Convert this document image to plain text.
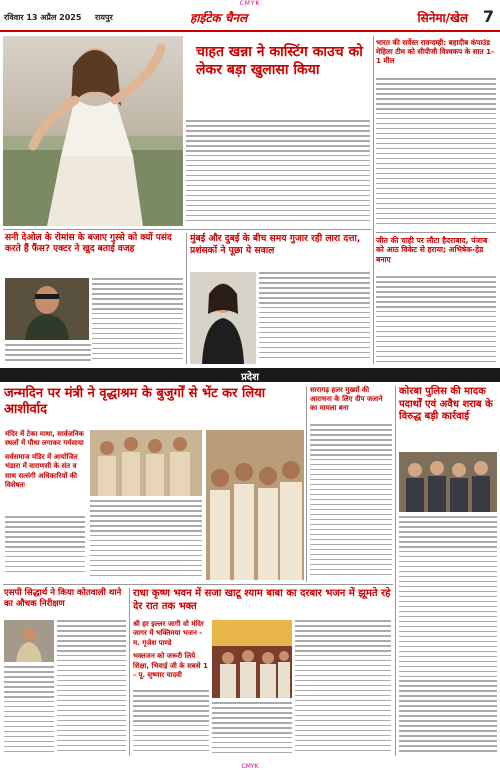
CMYK
रविवार 13 अप्रैल 2025 रायपुर	हाईटेक चैनल	सिनेमा/खेल 7
चाहत खन्ना ने कास्टिंग काउच को लेकर बड़ा खुलासा किया
भारत की सर्वेस्त रावन्दम्ही: बहादीब कंपाउंड मेहिला टीम को सीपीजी विश्वकप के सात 1-1 मील
जीत की चाही पर लौटा हैदराबाद, पंजाब को आठ विकेट से हराया; अभिषेक-हेड बनाए
सनी देओल के रोमांस के बजाए गुस्से को क्यों पसंद करते हैं फैंस? एक्टर ने खुद बताई वजह
मुंबई और दुबई के बीच समय गुजार रही लारा दत्ता, प्रशंसकों ने पूछा ये सवाल
प्रदेश
जन्मदिन पर मंत्री ने वृद्धाश्रम के बुजुर्गों से भेंट कर लिया आशीर्वाद
मंदिर में टेका माथा, सार्वजनिक स्थलों में पौधा लगाकर गर्मसाया
सर्वसमाज मंडिर में आयोजित भंडारा में वाराणसी के संत व साथ सत्संगी अधिकारियों की विशेषतः
सारागढ़ हलर मुख्यों की आराधना के लिए दीप जलाने का मामला बना
कोरबा पुलिस की मादक पदार्थों एवं अवैध शराब के विरुद्ध बड़ी कार्रवाई
एसपी सिद्धार्थ ने किया कोतवाली थाने का औचक निरीक्षण
राधा कृष्ण भवन में सजा खाटू श्याम बाबा का दरबार भजन में झूमते रहे देर रात तक भक्त
श्री हर इल्लर जागी वो मंदिर जागर में भक्तिमया भजन - म. गृजेश पाण्डे
भक्तजन को जरूरी लिये शिक्षा, भिवाई जी के सबसे 1 - पू. सृष्णार यादवी
CMYK
